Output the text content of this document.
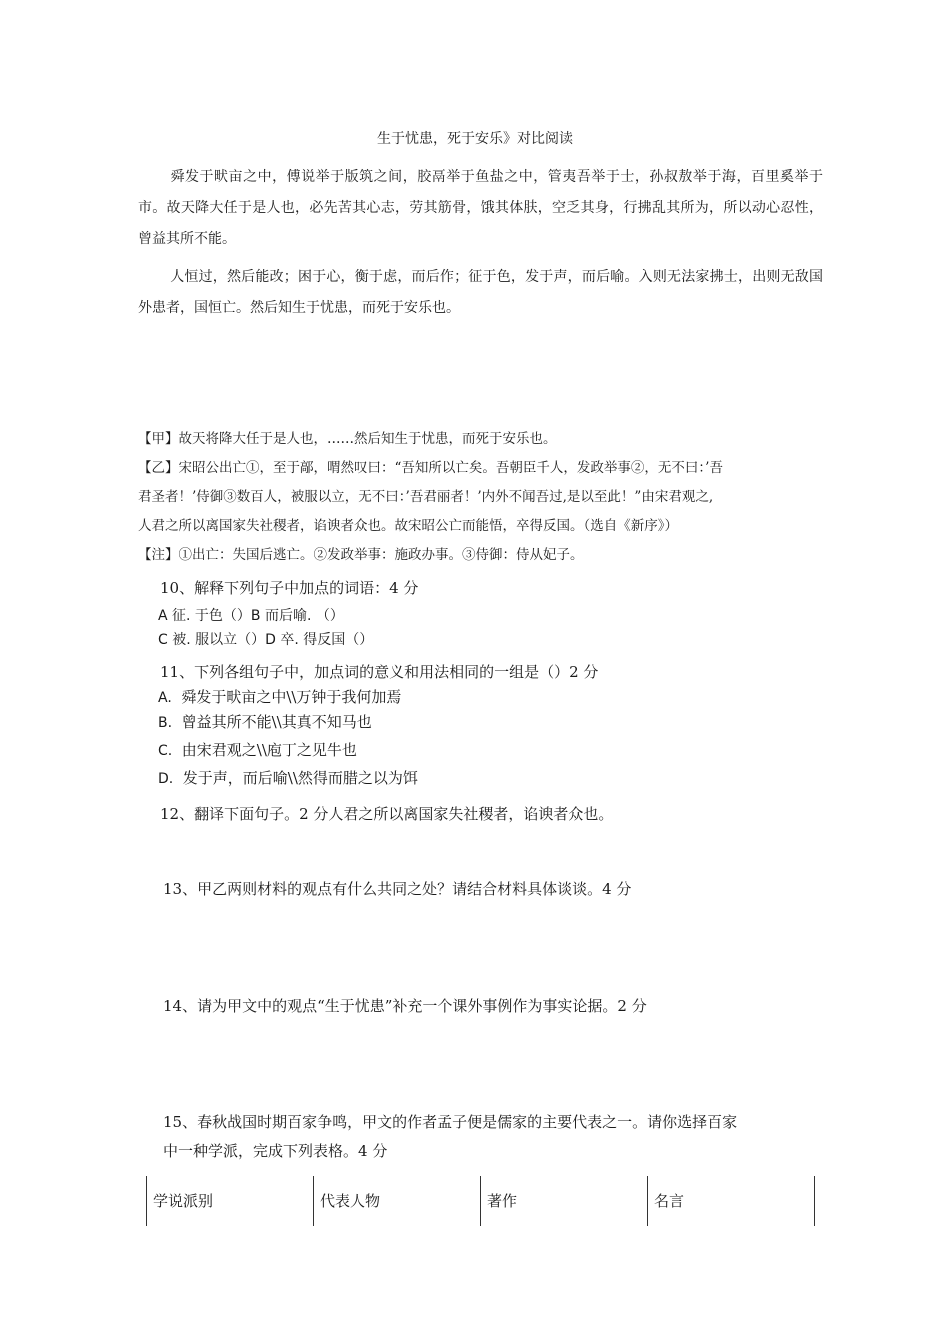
生于忧患，死于安乐》对比阅读
舜发于畎亩之中，傅说举于版筑之间，胶鬲举于鱼盐之中，管夷吾举于士，孙叔敖举于海，百里奚举于市。故天降大任于是人也，必先苦其心志，劳其筋骨，饿其体肤，空乏其身，行拂乱其所为，所以动心忍性，曾益其所不能。
人恒过，然后能改；困于心，衡于虑，而后作；征于色，发于声，而后喻。入则无法家拂士，出则无敌国外患者，国恒亡。然后知生于忧患，而死于安乐也。
【甲】故天将降大任于是人也，……然后知生于忧患，而死于安乐也。
【乙】宋昭公出亡①，至于鄗，喟然叹曰：“吾知所以亡矣。吾朝臣千人，发政举事②，无不曰：’吾
君圣者！’侍御③数百人，被服以立，无不曰：’吾君丽者！’内外不闻吾过,是以至此！”由宋君观之,
人君之所以离国家失社稷者，谄谀者众也。故宋昭公亡而能悟，卒得反国。（选自《新序》）
【注】①出亡：失国后逃亡。②发政举事：施政办事。③侍御：侍从妃子。
10、解释下列句子中加点的词语：4 分
A 征. 于色（）B 而后喻. （）
C 被. 服以立（）D 卒. 得反国（）
11、下列各组句子中，加点词的意义和用法相同的一组是（）2 分
A. 舜发于畎亩之中\\万钟于我何加焉
B. 曾益其所不能\\其真不知马也
C. 由宋君观之\\庖丁之见牛也
D. 发于声，而后喻\\然得而腊之以为饵
12、翻译下面句子。2 分人君之所以离国家失社稷者，谄谀者众也。
13、甲乙两则材料的观点有什么共同之处？请结合材料具体谈谈。4 分
14、请为甲文中的观点“生于忧患”补充一个课外事例作为事实论据。2 分
15、春秋战国时期百家争鸣，甲文的作者孟子便是儒家的主要代表之一。请你选择百家
中一种学派，完成下列表格。4 分
学说派别	代表人物	著作	名言
